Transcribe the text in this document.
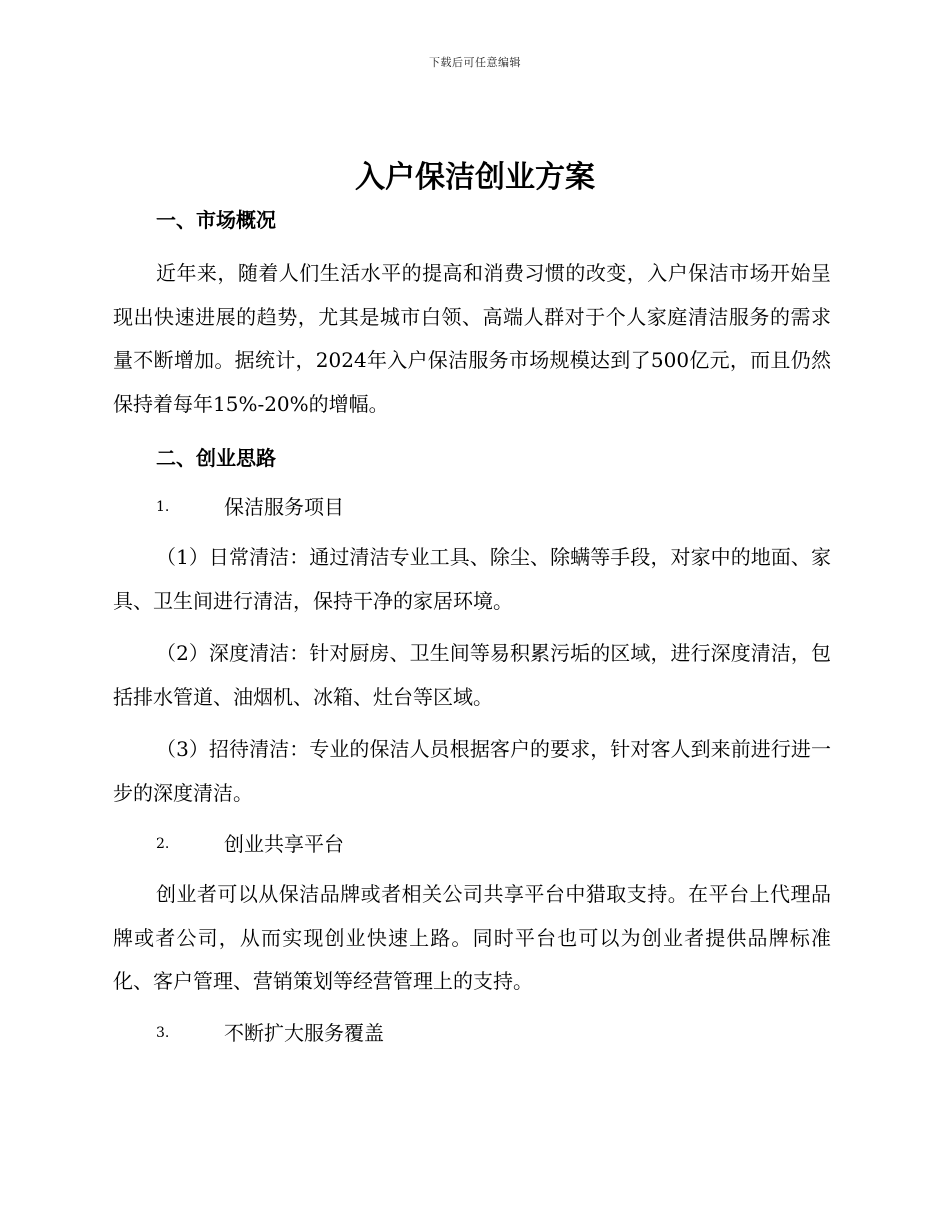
下载后可任意编辑
入户保洁创业方案
一、市场概况

近年来，随着人们生活水平的提高和消费习惯的改变，入户保洁市场开始呈现出快速进展的趋势，尤其是城市白领、高端人群对于个人家庭清洁服务的需求量不断增加。据统计，2024年入户保洁服务市场规模达到了500亿元，而且仍然保持着每年15%-20%的增幅。

二、创业思路
1.	保洁服务项目

（1）日常清洁：通过清洁专业工具、除尘、除螨等手段，对家中的地面、家具、卫生间进行清洁，保持干净的家居环境。

（2）深度清洁：针对厨房、卫生间等易积累污垢的区域，进行深度清洁，包括排水管道、油烟机、冰箱、灶台等区域。

（3）招待清洁：专业的保洁人员根据客户的要求，针对客人到来前进行进一步的深度清洁。

2.	创业共享平台

创业者可以从保洁品牌或者相关公司共享平台中猎取支持。在平台上代理品牌或者公司，从而实现创业快速上路。同时平台也可以为创业者提供品牌标准化、客户管理、营销策划等经营管理上的支持。

3.	不断扩大服务覆盖
